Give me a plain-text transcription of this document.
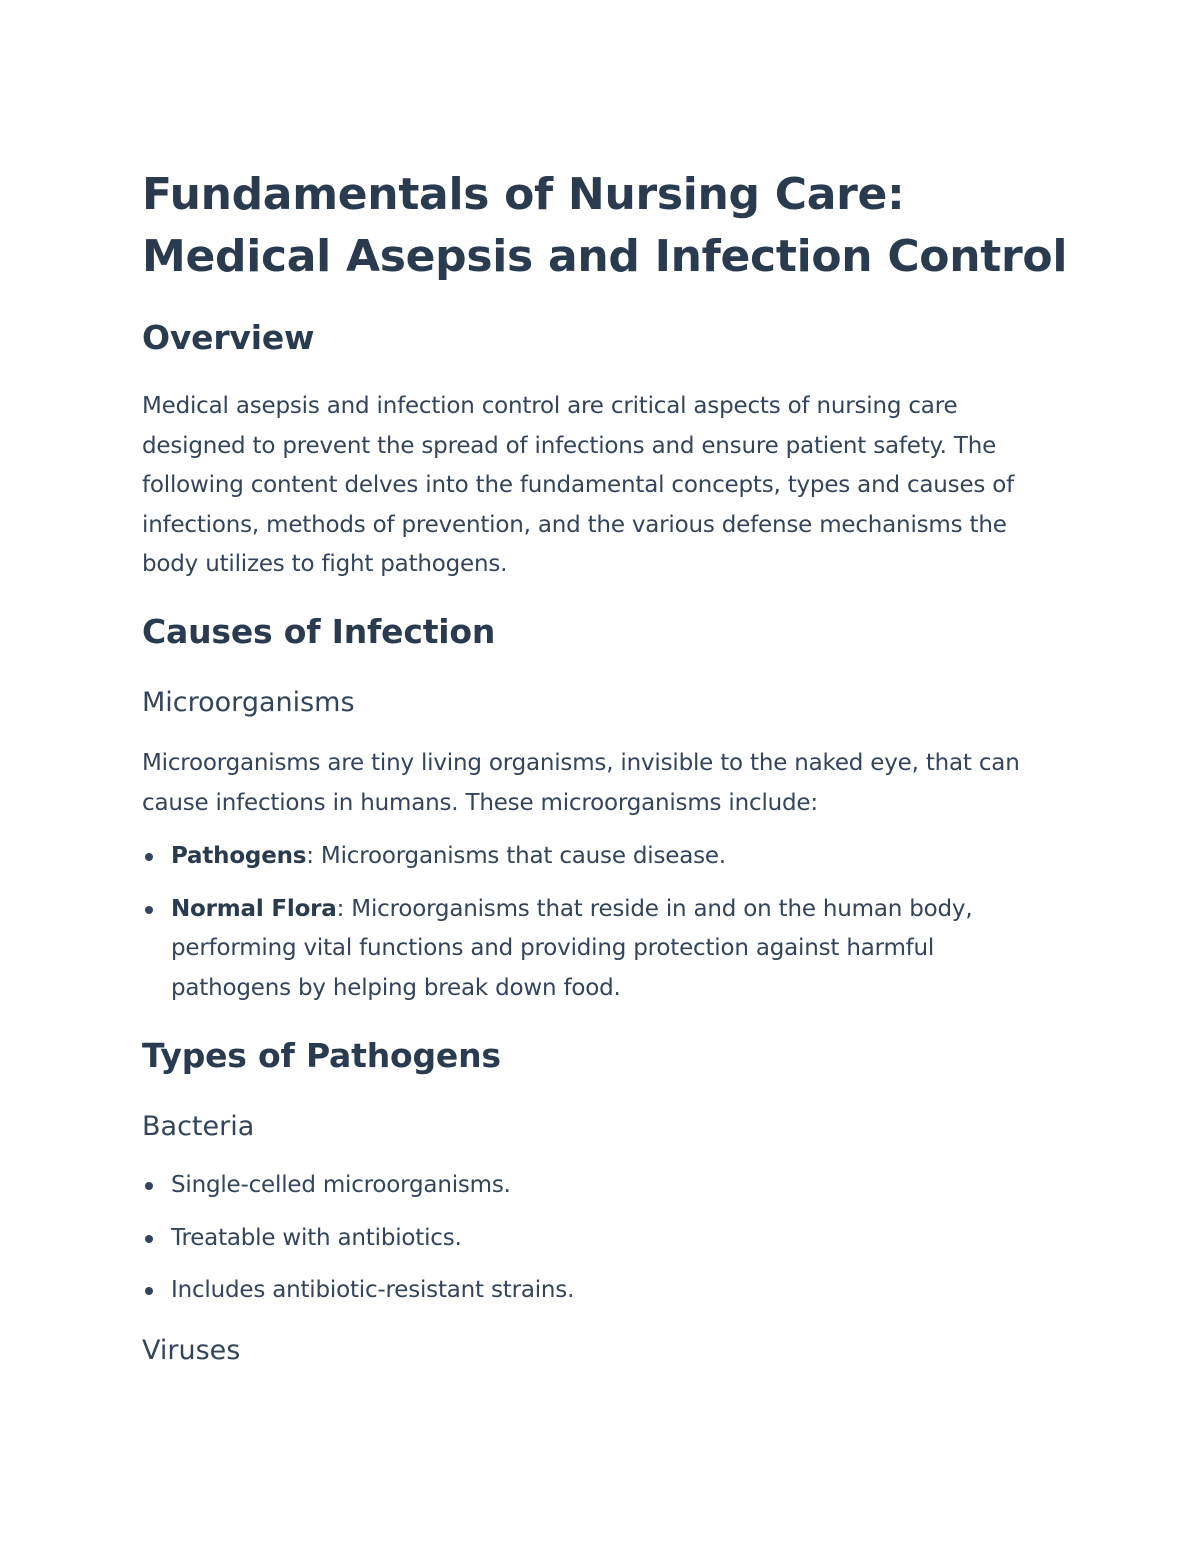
Fundamentals of Nursing Care: Medical Asepsis and Infection Control
Overview

Medical asepsis and infection control are critical aspects of nursing care designed to prevent the spread of infections and ensure patient safety. The following content delves into the fundamental concepts, types and causes of infections, methods of prevention, and the various defense mechanisms the body utilizes to fight pathogens.

Causes of Infection
Microorganisms

Microorganisms are tiny living organisms, invisible to the naked eye, that can cause infections in humans. These microorganisms include:

Pathogens: Microorganisms that cause disease.
Normal Flora: Microorganisms that reside in and on the human body, performing vital functions and providing protection against harmful pathogens by helping break down food.
Types of Pathogens
Bacteria
Single-celled microorganisms.
Treatable with antibiotics.
Includes antibiotic-resistant strains.
Viruses
